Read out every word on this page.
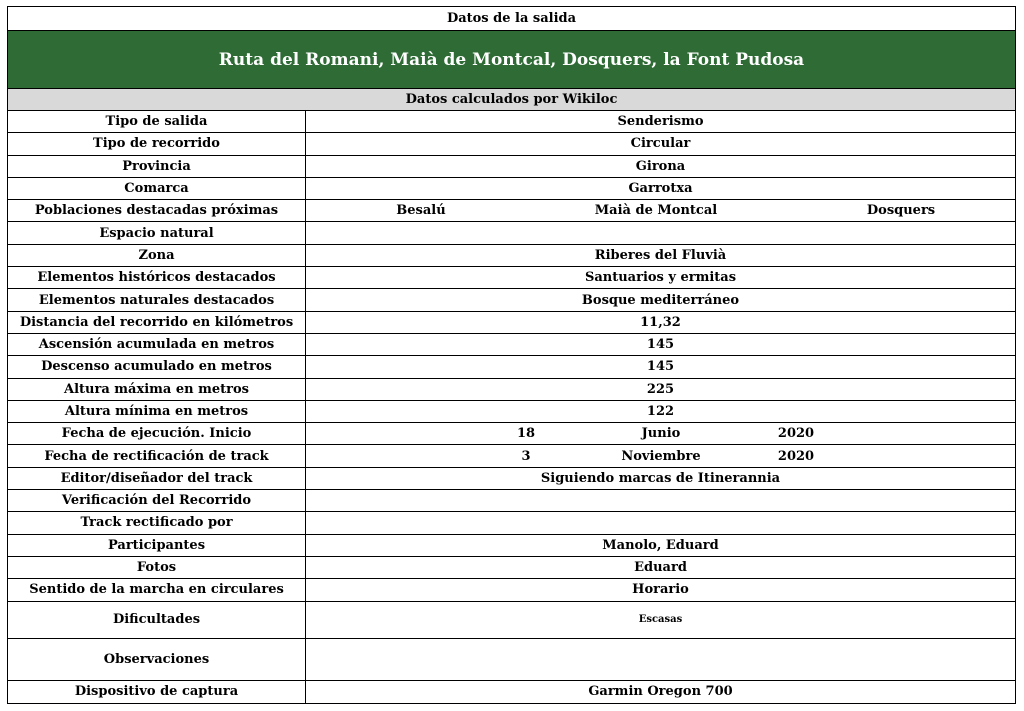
Datos de la salida
Ruta del Romani, Maià de Montcal, Dosquers, la Font Pudosa
Datos calculados por Wikiloc
Tipo de salida	Senderismo
Tipo de recorrido	Circular
Provincia	Girona
Comarca	Garrotxa
Poblaciones destacadas próximas	Besalú	Maià de Montcal	Dosquers
Espacio natural
Zona	Riberes del Fluvià
Elementos históricos destacados	Santuarios y ermitas
Elementos naturales destacados	Bosque mediterráneo
Distancia del recorrido en kilómetros	11,32
Ascensión acumulada en metros	145
Descenso acumulado en metros	145
Altura máxima en metros	225
Altura mínima en metros	122
Fecha de ejecución. Inicio	18	Junio	2020
Fecha de rectificación de track	3	Noviembre	2020
Editor/diseñador del track	Siguiendo marcas de Itinerannia
Verificación del Recorrido
Track rectificado por
Participantes	Manolo, Eduard
Fotos	Eduard
Sentido de la marcha en circulares	Horario
Dificultades	Escasas
Observaciones
Dispositivo de captura	Garmin Oregon 700
